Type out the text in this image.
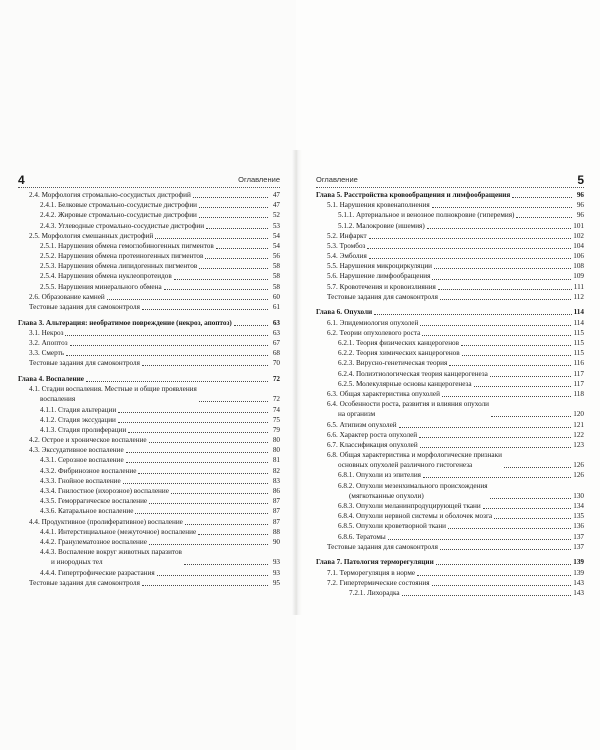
4	Оглавление
2.4. Морфология стромально-сосудистых дистрофий	47
2.4.1. Белковые стромально-сосудистые дистрофии	47
2.4.2. Жировые стромально-сосудистые дистрофии	52
2.4.3. Углеводные стромально-сосудистые дистрофии	53
2.5. Морфология смешанных дистрофий	54
2.5.1. Нарушения обмена гемоглобиногенных пигментов	54
2.5.2. Нарушения обмена протеиногенных пигментов	56
2.5.3. Нарушения обмена липидогенных пигментов	58
2.5.4. Нарушения обмена нуклеопротеидов	58
2.5.5. Нарушения минерального обмена	58
2.6. Образование камней	60
Тестовые задания для самоконтроля	61
Глава 3. Альтерация: необратимое повреждение (некроз, апоптоз)	63
3.1. Некроз	63
3.2. Апоптоз	67
3.3. Смерть	68
Тестовые задания для самоконтроля	70
Глава 4. Воспаление	72
4.1. Стадии воспаления. Местные и общие проявления
воспаления	72
4.1.1. Стадия альтерации	74
4.1.2. Стадия экссудации	75
4.1.3. Стадия пролиферации	79
4.2. Острое и хроническое воспаление	80
4.3. Экссудативное воспаление	80
4.3.1. Серозное воспаление	81
4.3.2. Фибринозное воспаление	82
4.3.3. Гнойное воспаление	83
4.3.4. Гнилостное (ихорозное) воспаление	86
4.3.5. Геморрагическое воспаление	87
4.3.6. Катаральное воспаление	87
4.4. Продуктивное (пролиферативное) воспаление	87
4.4.1. Интерстициальное (межуточное) воспаление	88
4.4.2. Гранулематозное воспаление	90
4.4.3. Воспаление вокруг животных паразитов
и инородных тел	93
4.4.4. Гипертрофические разрастания	93
Тестовые задания для самоконтроля	95
Оглавление	5
Глава 5. Расстройства кровообращения и лимфообращения	96
5.1. Нарушения кровенаполнения	96
5.1.1. Артериальное и венозное полнокровие (гиперемия)	96
5.1.2. Малокровие (ишемия)	101
5.2. Инфаркт	102
5.3. Тромбоз	104
5.4. Эмболия	106
5.5. Нарушения микроциркуляции	108
5.6. Нарушение лимфообращения	109
5.7. Кровотечения и кровоизлияния	111
Тестовые задания для самоконтроля	112
Глава 6. Опухоли	114
6.1. Эпидемиология опухолей	114
6.2. Теории опухолевого роста	115
6.2.1. Теория физических канцерогенов	115
6.2.2. Теория химических канцерогенов	115
6.2.3. Вирусно-генетическая теория	116
6.2.4. Полиэтиологическая теория канцерогенеза	117
6.2.5. Молекулярные основы канцерогенеза	117
6.3. Общая характеристика опухолей	118
6.4. Особенности роста, развития и влияния опухоли
на организм	120
6.5. Атипизм опухолей	121
6.6. Характер роста опухолей	122
6.7. Классификация опухолей	123
6.8. Общая характеристика и морфологические признаки
основных опухолей различного гистогенеза	126
6.8.1. Опухоли из эпителия	126
6.8.2. Опухоли мезенхимального происхождения
(мягкотканные опухоли)	130
6.8.3. Опухоли меланинпродуцирующей ткани	134
6.8.4. Опухоли нервной системы и оболочек мозга	135
6.8.5. Опухоли кроветворной ткани	136
6.8.6. Тератомы	137
Тестовые задания для самоконтроля	137
Глава 7. Патология терморегуляции	139
7.1. Терморегуляция в норме	139
7.2. Гипертермические состояния	143
7.2.1. Лихорадка	143
